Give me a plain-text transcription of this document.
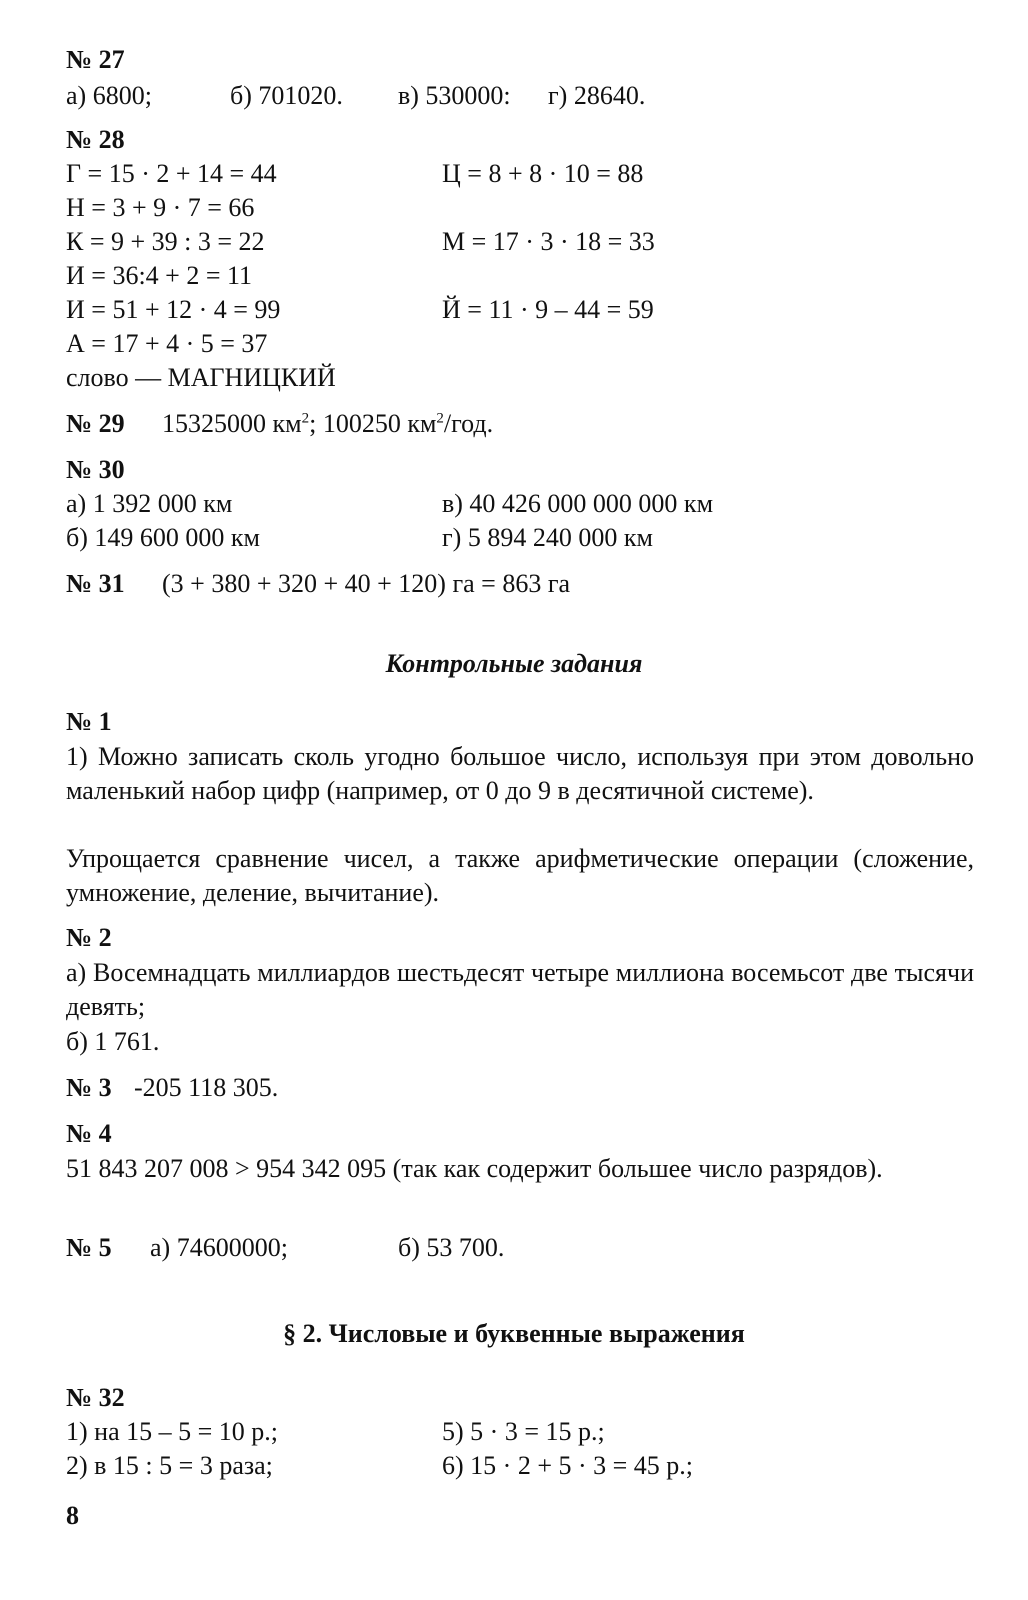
№ 27
а) 6800;	б) 701020. в) 530000: г) 28640.
№ 28
Г = 15 · 2 + 14 = 44	Ц = 8 + 8 · 10 = 88
Н = 3 + 9 · 7 = 66
К = 9 + 39 : 3 = 22	М = 17 · 3 · 18 = 33
И = 36:4 + 2 = 11
И = 51 + 12 · 4 = 99	Й = 11 · 9 – 44 = 59
А = 17 + 4 · 5 = 37
слово — МАГНИЦКИЙ
№ 29 15325000 $км^2$; 100250 $км^2$/год.
№ 30
а) 1 392 000 км	в) 40 426 000 000 000 км
б) 149 600 000 км	г) 5 894 240 000 км
№ 31 (3 + 380 + 320 + 40 + 120) га = 863 га
Контрольные задания
№ 1
1) Можно записать сколь угодно большое число, используя при этом довольно маленький набор цифр (например, от 0 до 9 в десятичной системе).
Упрощается сравнение чисел, а также арифметические операции (сложение, умножение, деление, вычитание).
№ 2
а) Восемнадцать миллиардов шестьдесят четыре миллиона восемьсот две тысячи девять;
б) 1 761.
№ 3 -205 118 305.
№ 4
51 843 207 008 > 954 342 095 (так как содержит большее число разрядов).
№ 5 а) 74600000;	б) 53 700.
§ 2. Числовые и буквенные выражения
№ 32
1) на 15 – 5 = 10 р.;	5) 5 · 3 = 15 р.;
2) в 15 : 5 = 3 раза;	6) 15 · 2 + 5 · 3 = 45 р.;
8
